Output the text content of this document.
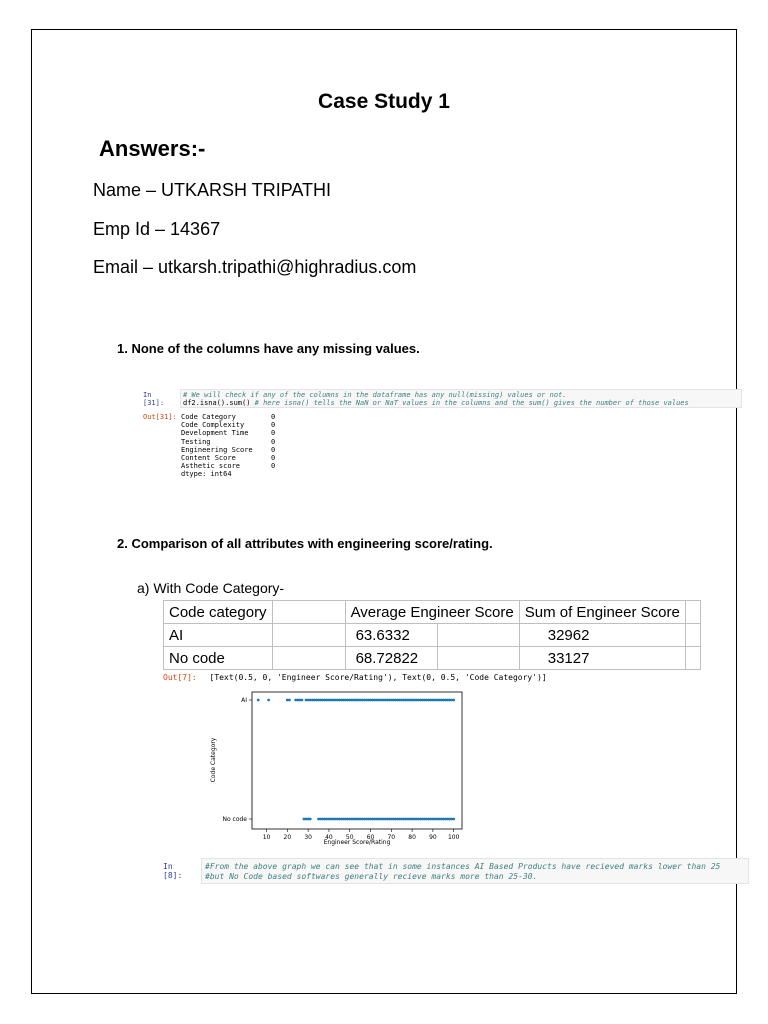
Case Study 1
Answers:-
Name – UTKARSH TRIPATHI
Emp Id – 14367
Email – utkarsh.tripathi@highradius.com
1. None of the columns have any missing values.
In [31]:
# We will check if any of the columns in the dataframe has any null(missing) values or not.
df2.isna().sum() # here isna() tells the NaN or NaT values in the columns and the sum() gives the number of those values
Out[31]: Code Category	0
Code Complexity	0
Development Time	0
Testing	0
Engineering Score	0
Content Score	0
Asthetic score	0
dtype: int64
2. Comparison of all attributes with engineering score/rating.
a) With Code Category-
Code category		Average Engineer Score		Sum of Engineer Score	
AI		63.6332		32962	
No code		68.72822		33127	
Out[7]: [Text(0.5, 0, 'Engineer Score/Rating'), Text(0, 0.5, 'Code Category')]
10 20 30 40 50 60 70 80 90 100
AI
No code
Engineer Score/Rating
Code Category
In [8]:
#From the above graph we can see that in some instances AI Based Products have recieved marks lower than 25
#but No Code based softwares generally recieve marks more than 25-30.
